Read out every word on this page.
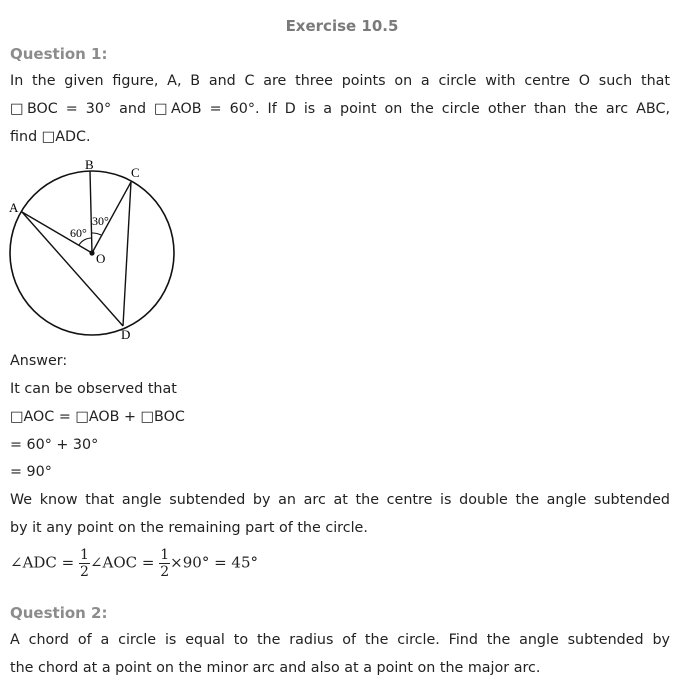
Exercise 10.5
Question 1:
In the given figure, A, B and C are three points on a circle with centre O such that
□BOC = 30° and □AOB = 60°. If D is a point on the circle other than the arc ABC,
find □ADC.
B
C
A
D
O
60°
30°
Answer:
It can be observed that
□AOC = □AOB + □BOC
= 60° + 30°
= 90°
We know that angle subtended by an arc at the centre is double the angle subtended
by it any point on the remaining part of the circle.
∠ADC = $\frac{1}{2}$ ∠AOC = $\frac{1}{2} \times 90^\circ = 45^\circ$
Question 2:
A chord of a circle is equal to the radius of the circle. Find the angle subtended by
the chord at a point on the minor arc and also at a point on the major arc.
